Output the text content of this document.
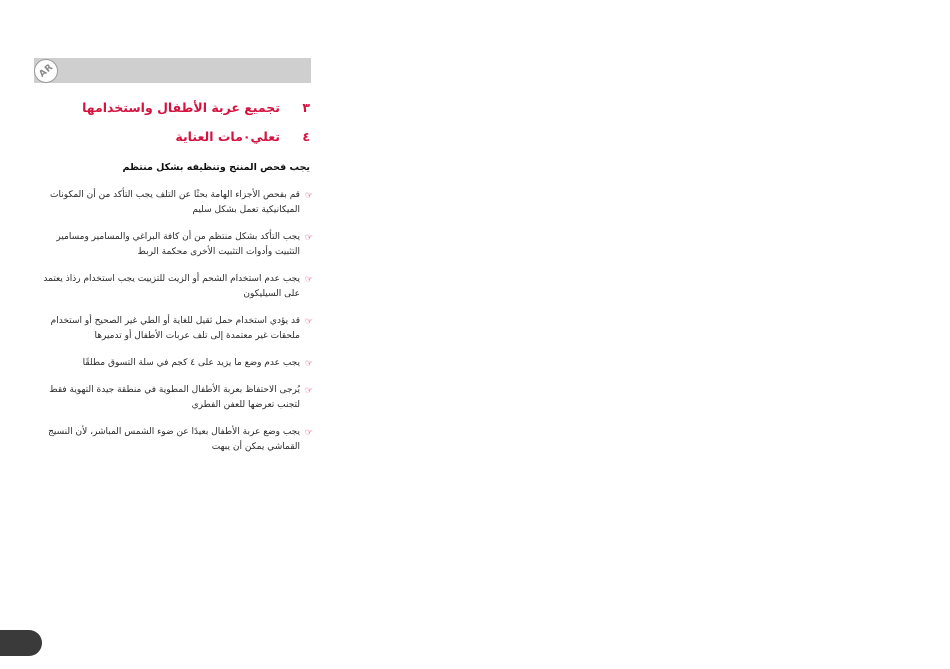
AR
٣
تجميع عربة الأطفال واستخدامها
٤
تعلي٠مات العناية
يجب فحص المنتج وتنظيفه بشكل منتظم
☞
قم بفحص الأجزاء الهامة بحثًا عن التلف يجب التأكد من أن المكونات الميكانيكية تعمل بشكل سليم
☞
يجب التأكد بشكل منتظم من أن كافة البراغي والمسامير ومسامير التثبيت وأدوات التثبيت الأخرى محكمة الربط
☞
يجب عدم استخدام الشحم أو الزيت للتزييت يجب استخدام رذاذ يعتمد على السيليكون
☞
قد يؤدي استخدام حمل ثقيل للغاية أو الطي غير الصحيح أو استخدام ملحقات غير معتمدة إلى تلف عربات الأطفال أو تدميرها
☞
يجب عدم وضع ما يزيد على ٤ كجم في سلة التسوق مطلقًا
☞
يُرجى الاحتفاظ بعربة الأطفال المطوية في منطقة جيدة التهوية فقط لتجنب تعرضها للعفن الفطري
☞
يجب وضع عربة الأطفال بعيدًا عن ضوء الشمس المباشر، لأن النسيج القماشي يمكن أن يبهت
